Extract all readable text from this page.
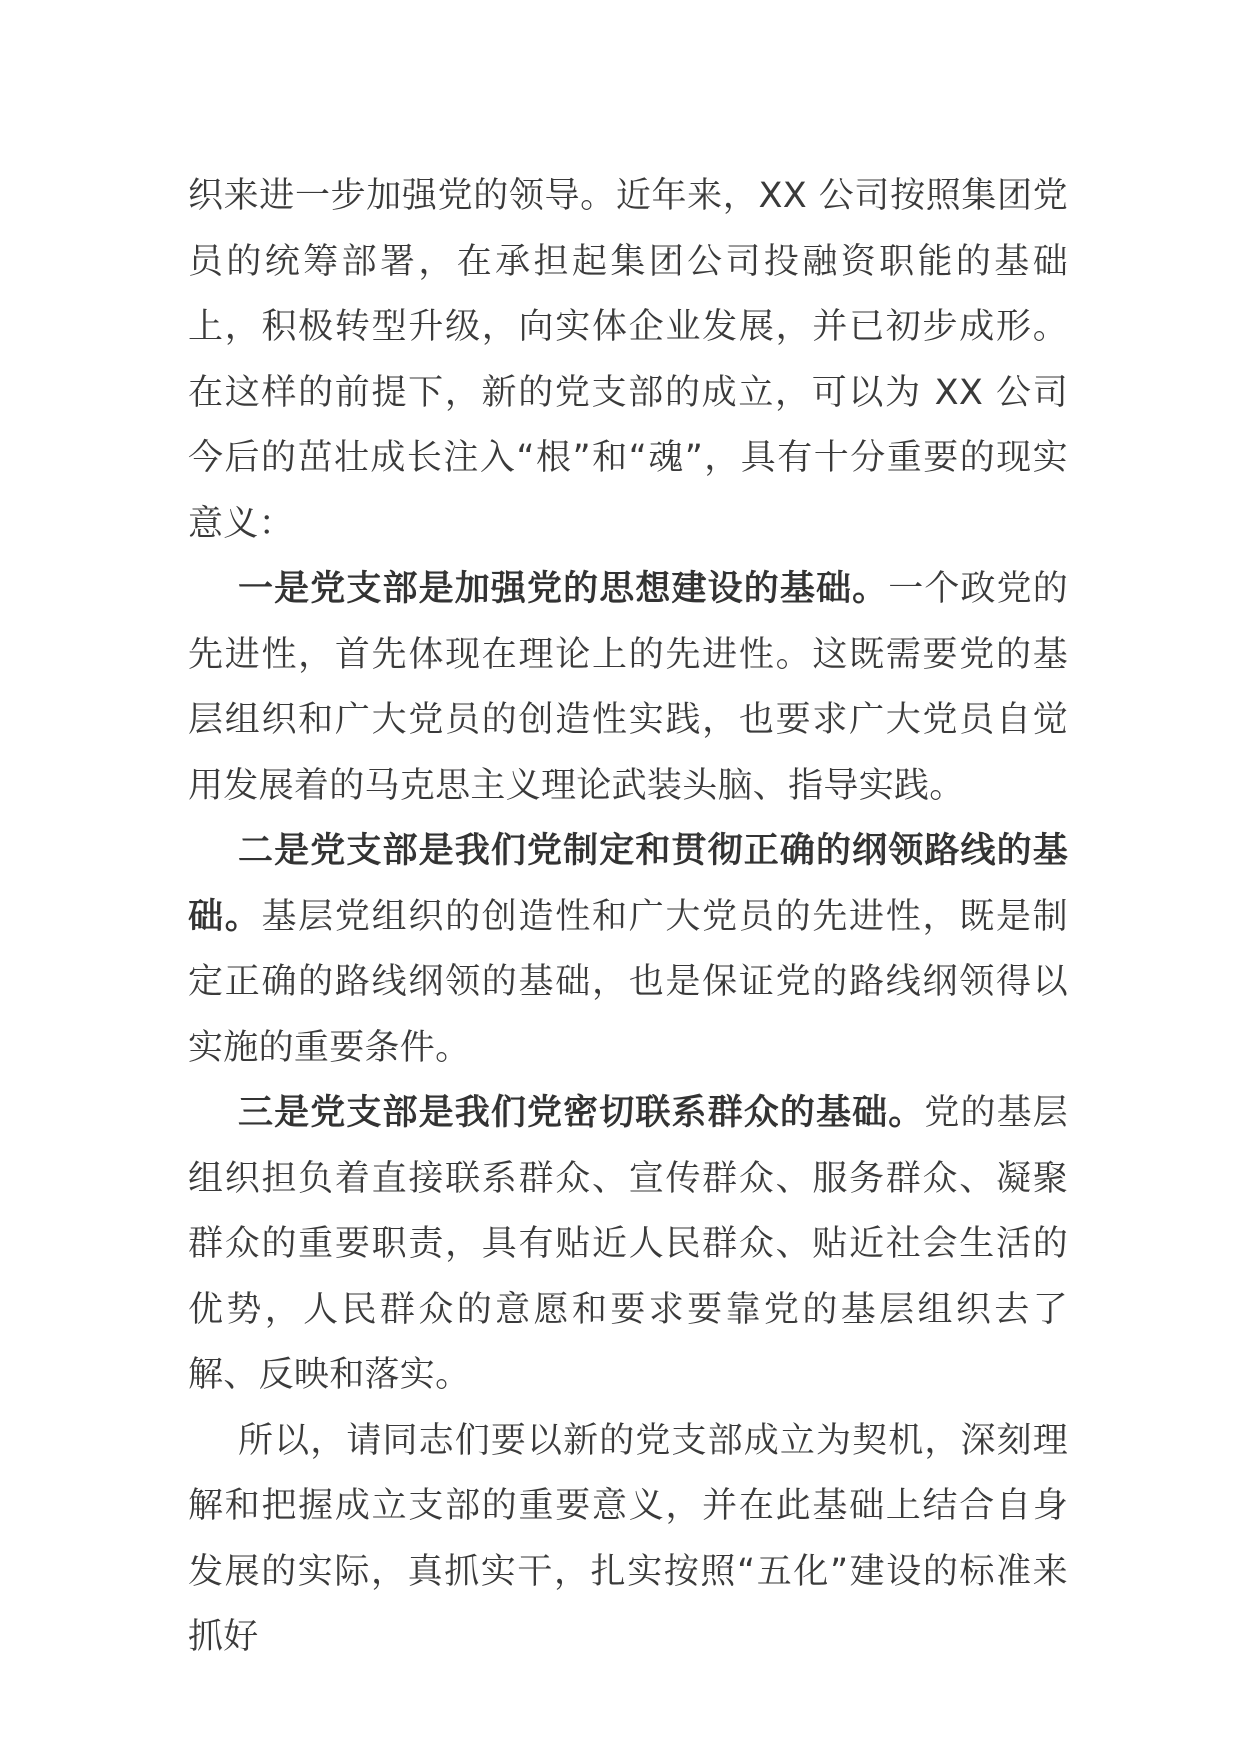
织来进一步加强党的领导。近年来，XX 公司按照集团党员的统筹部署，在承担起集团公司投融资职能的基础上，积极转型升级，向实体企业发展，并已初步成形。在这样的前提下，新的党支部的成立，可以为 XX 公司今后的茁壮成长注入“根”和“魂”，具有十分重要的现实意义：

一是党支部是加强党的思想建设的基础。一个政党的先进性，首先体现在理论上的先进性。这既需要党的基层组织和广大党员的创造性实践，也要求广大党员自觉用发展着的马克思主义理论武装头脑、指导实践。

二是党支部是我们党制定和贯彻正确的纲领路线的基础。基层党组织的创造性和广大党员的先进性，既是制定正确的路线纲领的基础，也是保证党的路线纲领得以实施的重要条件。

三是党支部是我们党密切联系群众的基础。党的基层组织担负着直接联系群众、宣传群众、服务群众、凝聚群众的重要职责，具有贴近人民群众、贴近社会生活的优势，人民群众的意愿和要求要靠党的基层组织去了解、反映和落实。

所以，请同志们要以新的党支部成立为契机，深刻理解和把握成立支部的重要意义，并在此基础上结合自身发展的实际，真抓实干，扎实按照“五化”建设的标准来抓好
